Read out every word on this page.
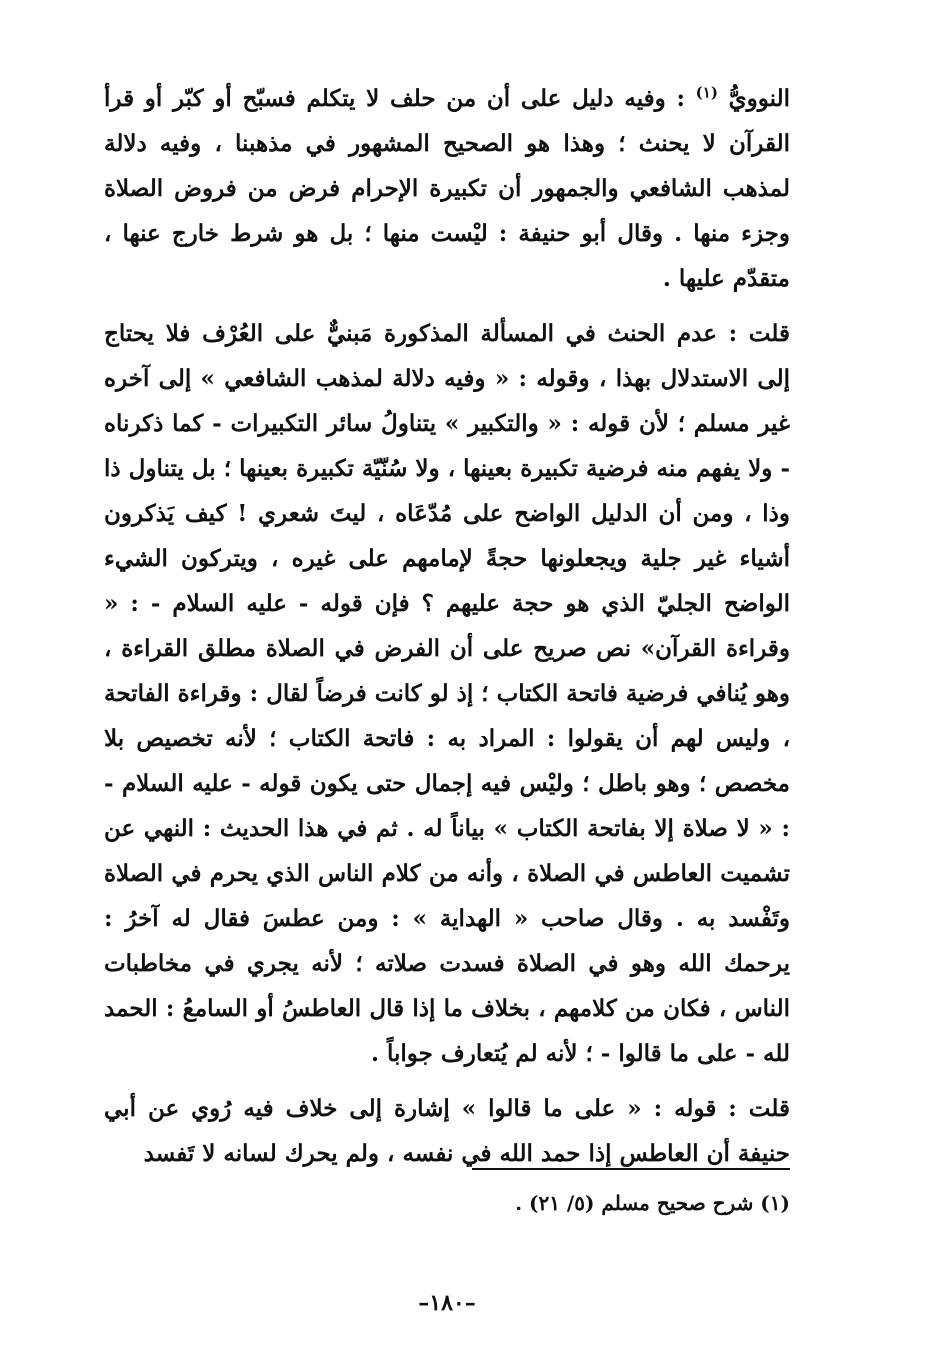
النوويُّ $^{(١)}$ : وفيه دليل على أن من حلف لا يتكلم فسبّح أو كبّر أو قرأ القرآن لا يحنث ؛ وهذا هو الصحيح المشهور في مذهبنا ، وفيه دلالة لمذهب الشافعي والجمهور أن تكبيرة الإحرام فرض من فروض الصلاة وجزء منها . وقال أبو حنيفة : ليْست منها ؛ بل هو شرط خارج عنها ، متقدّم عليها .

قلت : عدم الحنث في المسألة المذكورة مَبنيٌّ على العُرْف فلا يحتاج إلى الاستدلال بهذا ، وقوله : « وفيه دلالة لمذهب الشافعي » إلى آخره غير مسلم ؛ لأن قوله : « والتكبير » يتناولُ سائر التكبيرات - كما ذكرناه - ولا يفهم منه فرضية تكبيرة بعينها ، ولا سُنّيّة تكبيرة بعينها ؛ بل يتناول ذا وذا ، ومن أن الدليل الواضح على مُدّعَاه ، ليتَ شعري ! كيف يَذكرون أشياء غير جلية ويجعلونها حجةً لإمامهم على غيره ، ويتركون الشيء الواضح الجليّ الذي هو حجة عليهم ؟ فإن قوله - عليه السلام - : « وقراءة القرآن» نص صريح على أن الفرض في الصلاة مطلق القراءة ، وهو يُنافي فرضية فاتحة الكتاب ؛ إذ لو كانت فرضاً لقال : وقراءة الفاتحة ، وليس لهم أن يقولوا : المراد به : فاتحة الكتاب ؛ لأنه تخصيص بلا مخصص ؛ وهو باطل ؛ وليْس فيه إجمال حتى يكون قوله - عليه السلام - : « لا صلاة إلا بفاتحة الكتاب » بياناً له . ثم في هذا الحديث : النهي عن تشميت العاطس في الصلاة ، وأنه من كلام الناس الذي يحرم في الصلاة وتَفْسد به . وقال صاحب « الهداية » : ومن عطسَ فقال له آخرُ : يرحمك الله وهو في الصلاة فسدت صلاته ؛ لأنه يجري في مخاطبات الناس ، فكان من كلامهم ، بخلاف ما إذا قال العاطسُ أو السامعُ : الحمد لله - على ما قالوا - ؛ لأنه لم يُتعارف جواباً .

قلت : قوله : « على ما قالوا » إشارة إلى خلاف فيه رُوي عن أبي حنيفة أن العاطس إذا حمد الله في نفسه ، ولم يحرك لسانه لا تَفسد

(١) شرح صحيح مسلم (٥/ ٢١) .
–١٨٠–
